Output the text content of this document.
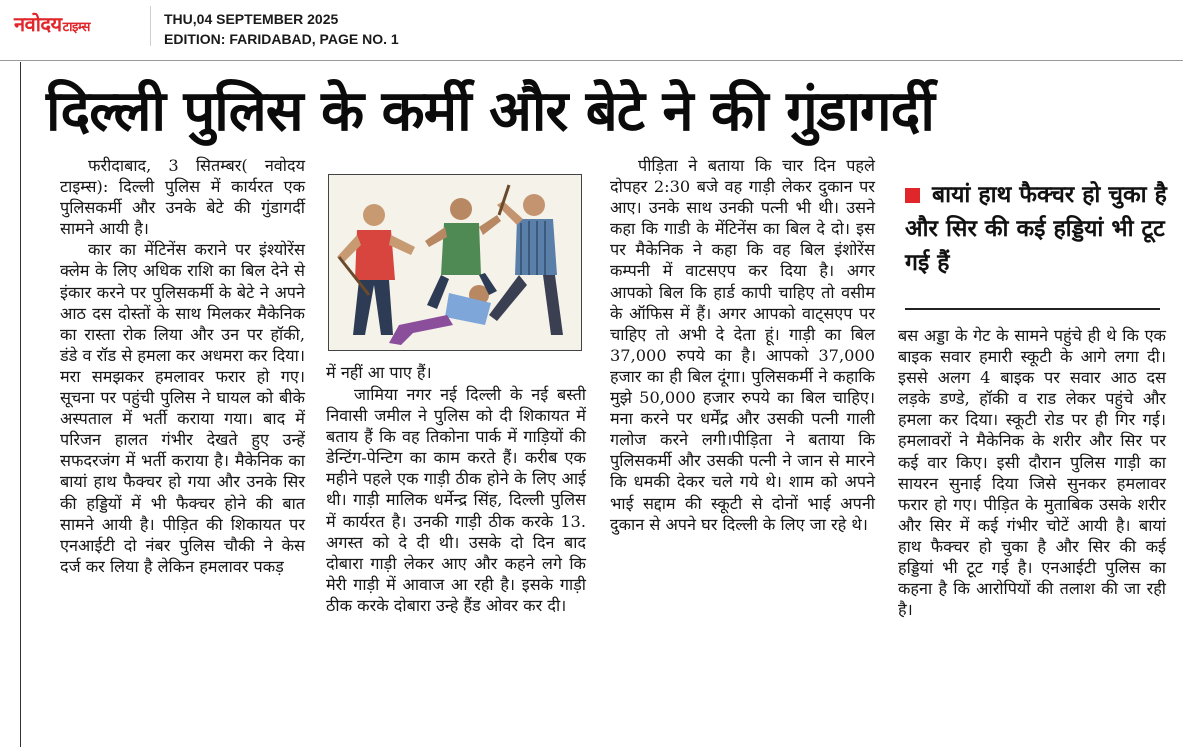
नवोदयटाइम्स
THU,04 SEPTEMBER 2025
EDITION: FARIDABAD, PAGE NO. 1
दिल्ली पुलिस के कर्मी और बेटे ने की गुंडागर्दी

फरीदाबाद, 3 सितम्बर( नवोदय टाइम्स): दिल्ली पुलिस में कार्यरत एक पुलिसकर्मी और उनके बेटे की गुंडागर्दी सामने आयी है।

कार का मेंटिनेंस कराने पर इंश्योरेंस क्लेम के लिए अधिक राशि का बिल देने से इंकार करने पर पुलिसकर्मी के बेटे ने अपने आठ दस दोस्तों के साथ मिलकर मैकेनिक का रास्ता रोक लिया और उन पर हॉकी, डंडे व रॉड से हमला कर अधमरा कर दिया। मरा समझकर हमलावर फरार हो गए। सूचना पर पहुंची पुलिस ने घायल को बीके अस्पताल में भर्ती कराया गया। बाद में परिजन हालत गंभीर देखते हुए उन्हें सफदरजंग में भर्ती कराया है। मैकेनिक का बायां हाथ फैक्चर हो गया और उनके सिर की हड्डियों में भी फैक्चर होने की बात सामने आयी है। पीड़ित की शिकायत पर एनआईटी दो नंबर पुलिस चौकी ने केस दर्ज कर लिया है लेकिन हमलावर पकड़

में नहीं आ पाए हैं।

जामिया नगर नई दिल्ली के नई बस्ती निवासी जमील ने पुलिस को दी शिकायत में बताय हैं कि वह तिकोना पार्क में गाड़ियों की डेन्टिंग-पेन्टिग का काम करते हैं। करीब एक महीने पहले एक गाड़ी ठीक होने के लिए आई थी। गाड़ी मालिक धर्मेन्द्र सिंह, दिल्ली पुलिस में कार्यरत है। उनकी गाड़ी ठीक करके 13. अगस्त को दे दी थी। उसके दो दिन बाद दोबारा गाड़ी लेकर आए और कहने लगे कि मेरी गाड़ी में आवाज आ रही है। इसके गाड़ी ठीक करके दोबारा उन्हे हैंड ओवर कर दी।

पीड़िता ने बताया कि चार दिन पहले दोपहर 2:30 बजे वह गाड़ी लेकर दुकान पर आए। उनके साथ उनकी पत्नी भी थी। उसने कहा कि गाडी के मेंटिनेंस का बिल दे दो। इस पर मैकेनिक ने कहा कि वह बिल इंशोरेंस कम्पनी में वाटसएप कर दिया है। अगर आपको बिल कि हार्ड कापी चाहिए तो वसीम के ऑफिस में हैं। अगर आपको वाट्सएप पर चाहिए तो अभी दे देता हूं। गाड़ी का बिल 37,000 रुपये का है। आपको 37,000 हजार का ही बिल दूंगा। पुलिसकर्मी ने कहाकि मुझे 50,000 हजार रुपये का बिल चाहिए। मना करने पर धर्मेंद्र और उसकी पत्नी गाली गलोज करने लगी।पीड़िता ने बताया कि पुलिसकर्मी और उसकी पत्नी ने जान से मारने कि धमकी देकर चले गये थे। शाम को अपने भाई सद्दाम की स्कूटी से दोनों भाई अपनी दुकान से अपने घर दिल्ली के लिए जा रहे थे।

बायां हाथ फैक्चर हो चुका है और सिर की कई हड्डियां भी टूट गई हैं

बस अड्डा के गेट के सामने पहुंचे ही थे कि एक बाइक सवार हमारी स्कूटी के आगे लगा दी। इससे अलग 4 बाइक पर सवार आठ दस लड़के डण्डे, हॉकी व राड लेकर पहुंचे और हमला कर दिया। स्कूटी रोड पर ही गिर गई। हमलावरों ने मैकेनिक के शरीर और सिर पर कई वार किए। इसी दौरान पुलिस गाड़ी का सायरन सुनाई दिया जिसे सुनकर हमलावर फरार हो गए। पीड़ित के मुताबिक उसके शरीर और सिर में कई गंभीर चोटें आयी है। बायां हाथ फैक्चर हो चुका है और सिर की कई हड्डियां भी टूट गई है। एनआईटी पुलिस का कहना है कि आरोपियों की तलाश की जा रही है।
